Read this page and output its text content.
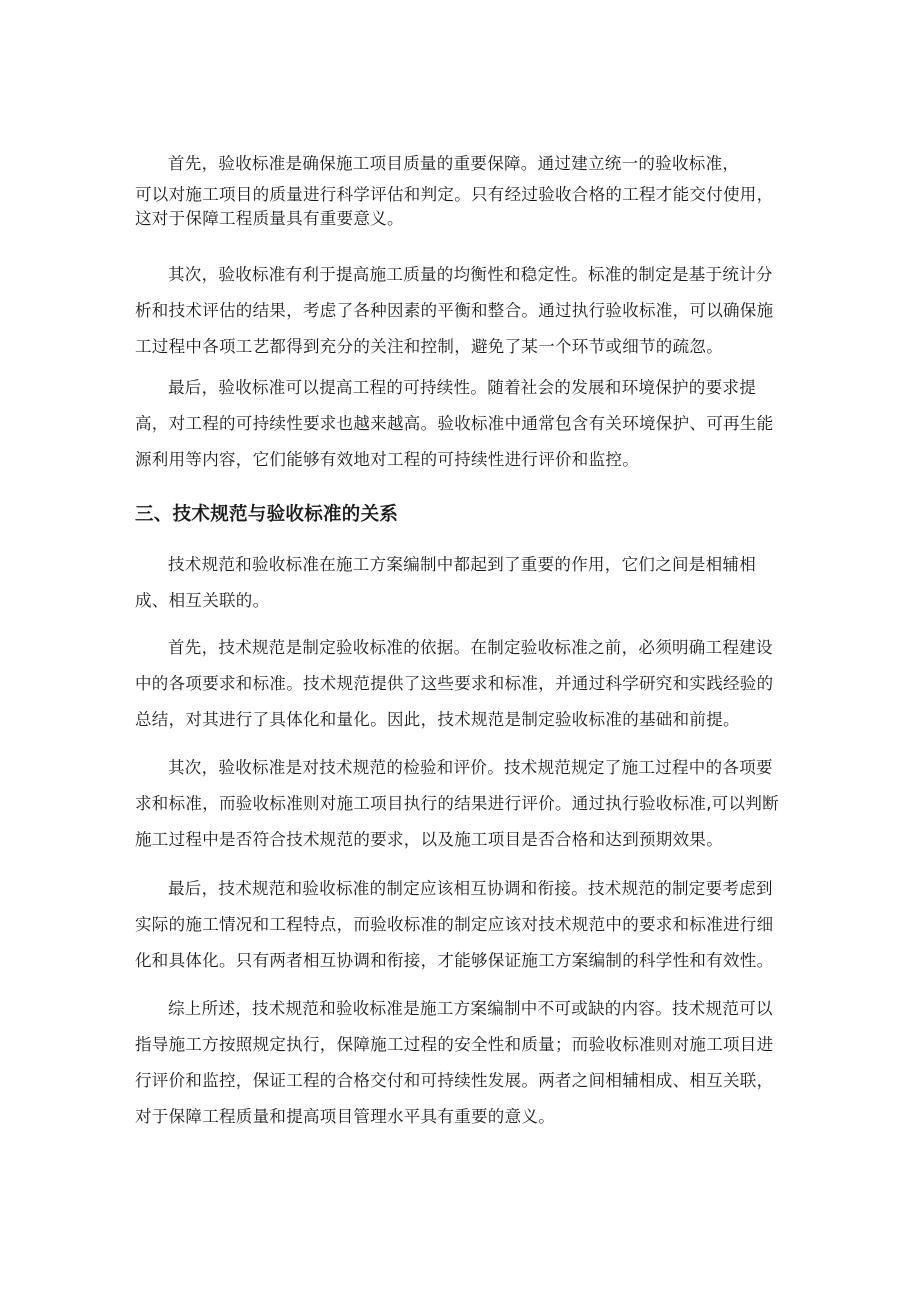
首先，验收标准是确保施工项目质量的重要保障。通过建立统一的验收标准，
可以对施工项目的质量进行科学评估和判定。只有经过验收合格的工程才能交付使用，
这对于保障工程质量具有重要意义。

其次，验收标准有利于提高施工质量的均衡性和稳定性。标准的制定是基于统计分
析和技术评估的结果，考虑了各种因素的平衡和整合。通过执行验收标准，可以确保施
工过程中各项工艺都得到充分的关注和控制，避免了某一个环节或细节的疏忽。

最后，验收标准可以提高工程的可持续性。随着社会的发展和环境保护的要求提
高，对工程的可持续性要求也越来越高。验收标准中通常包含有关环境保护、可再生能
源利用等内容，它们能够有效地对工程的可持续性进行评价和监控。

三、技术规范与验收标准的关系

技术规范和验收标准在施工方案编制中都起到了重要的作用，它们之间是相辅相
成、相互关联的。

首先，技术规范是制定验收标准的依据。在制定验收标准之前，必须明确工程建设
中的各项要求和标准。技术规范提供了这些要求和标准，并通过科学研究和实践经验的
总结，对其进行了具体化和量化。因此，技术规范是制定验收标准的基础和前提。

其次，验收标准是对技术规范的检验和评价。技术规范规定了施工过程中的各项要
求和标准，而验收标准则对施工项目执行的结果进行评价。通过执行验收标准,可以判断
施工过程中是否符合技术规范的要求，以及施工项目是否合格和达到预期效果。

最后，技术规范和验收标准的制定应该相互协调和衔接。技术规范的制定要考虑到
实际的施工情况和工程特点，而验收标准的制定应该对技术规范中的要求和标准进行细
化和具体化。只有两者相互协调和衔接，才能够保证施工方案编制的科学性和有效性。

综上所述，技术规范和验收标准是施工方案编制中不可或缺的内容。技术规范可以
指导施工方按照规定执行，保障施工过程的安全性和质量；而验收标准则对施工项目进
行评价和监控，保证工程的合格交付和可持续性发展。两者之间相辅相成、相互关联，
对于保障工程质量和提高项目管理水平具有重要的意义。
